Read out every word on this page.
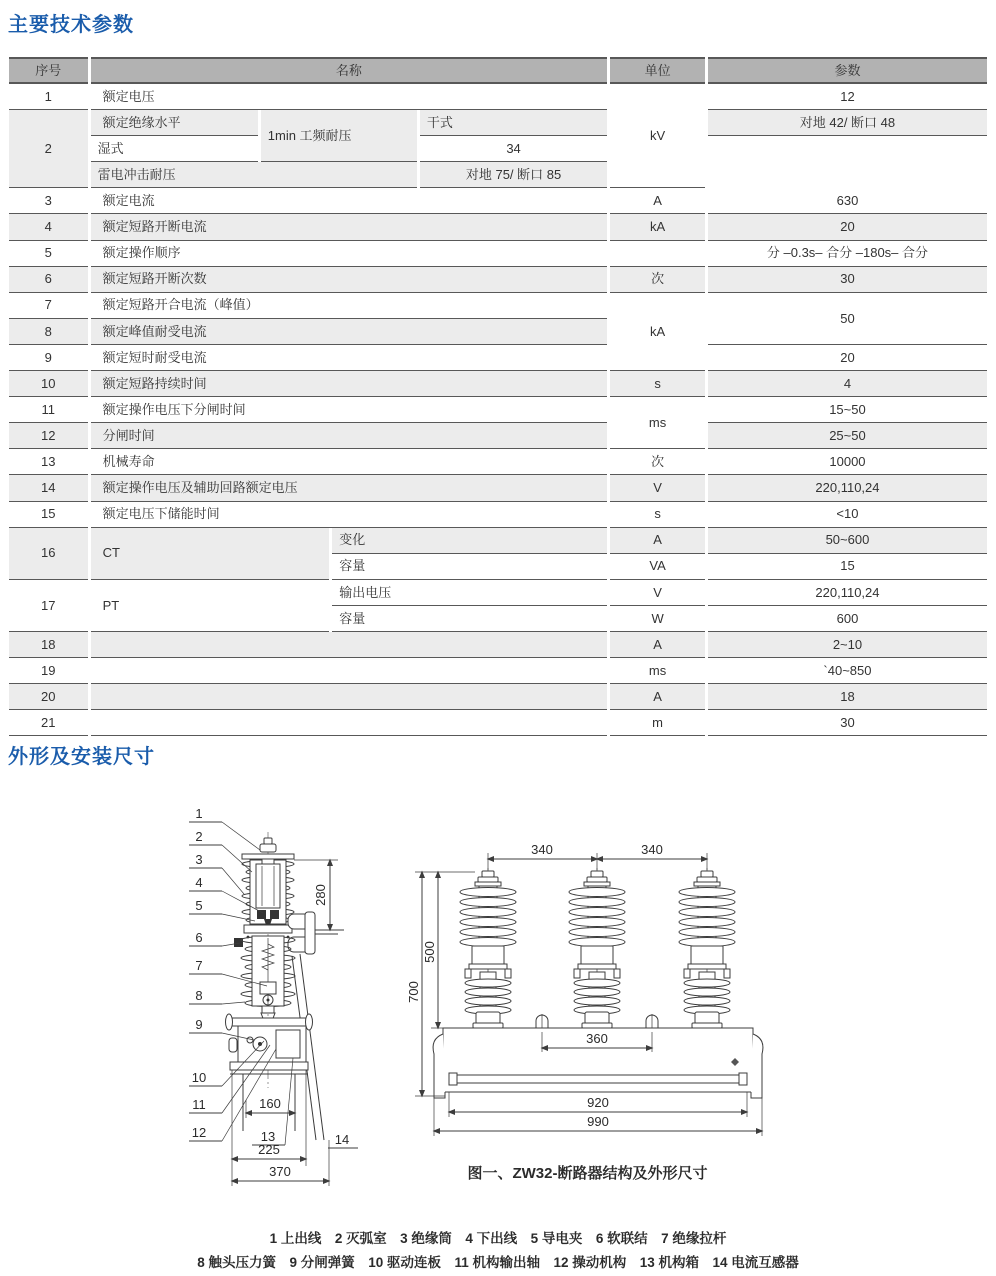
主要技术参数
序号	名称				单位	参数
1	额定电压				kV	12
2	额定绝缘水平	1min 工频耐压		干式		对地 42/ 断口 48
	湿式			34		
	雷电冲击耐压			对地 75/ 断口 85		
3	额定电流				A	630
4	额定短路开断电流				kA	20
5	额定操作顺序					分 –0.3s– 合分 –180s– 合分
6	额定短路开断次数				次	30
7	额定短路开合电流（峰值）				kA	50
8	额定峰值耐受电流					
9	额定短时耐受电流					20
10	额定短路持续时间				s	4
11	额定操作电压下分闸时间				ms	15~50
12	分闸时间					25~50
13	机械寿命				次	10000
14	额定操作电压及辅助回路额定电压				V	220,110,24
15	额定电压下储能时间				s	<10
16	CT		变化		A	50~600
			容量		VA	15
17	PT		输出电压		V	220,110,24
			容量		W	600
18					A	2~10
19					ms	`40~850
20					A	18
21					m	30
外形及安装尺寸
1
2
3
4
5
6
7
8
9
10
11
12	13	14
280
160
225
370
340	340
700
500
360
920
990
图一、ZW32-断路器结构及外形尺寸
1 上出线　2 灭弧室　3 绝缘筒　4 下出线　5 导电夹　6 软联结　7 绝缘拉杆
8 触头压力簧　9 分闸弹簧　10 驱动连板　11 机构输出轴　12 操动机构　13 机构箱　14 电流互感器
